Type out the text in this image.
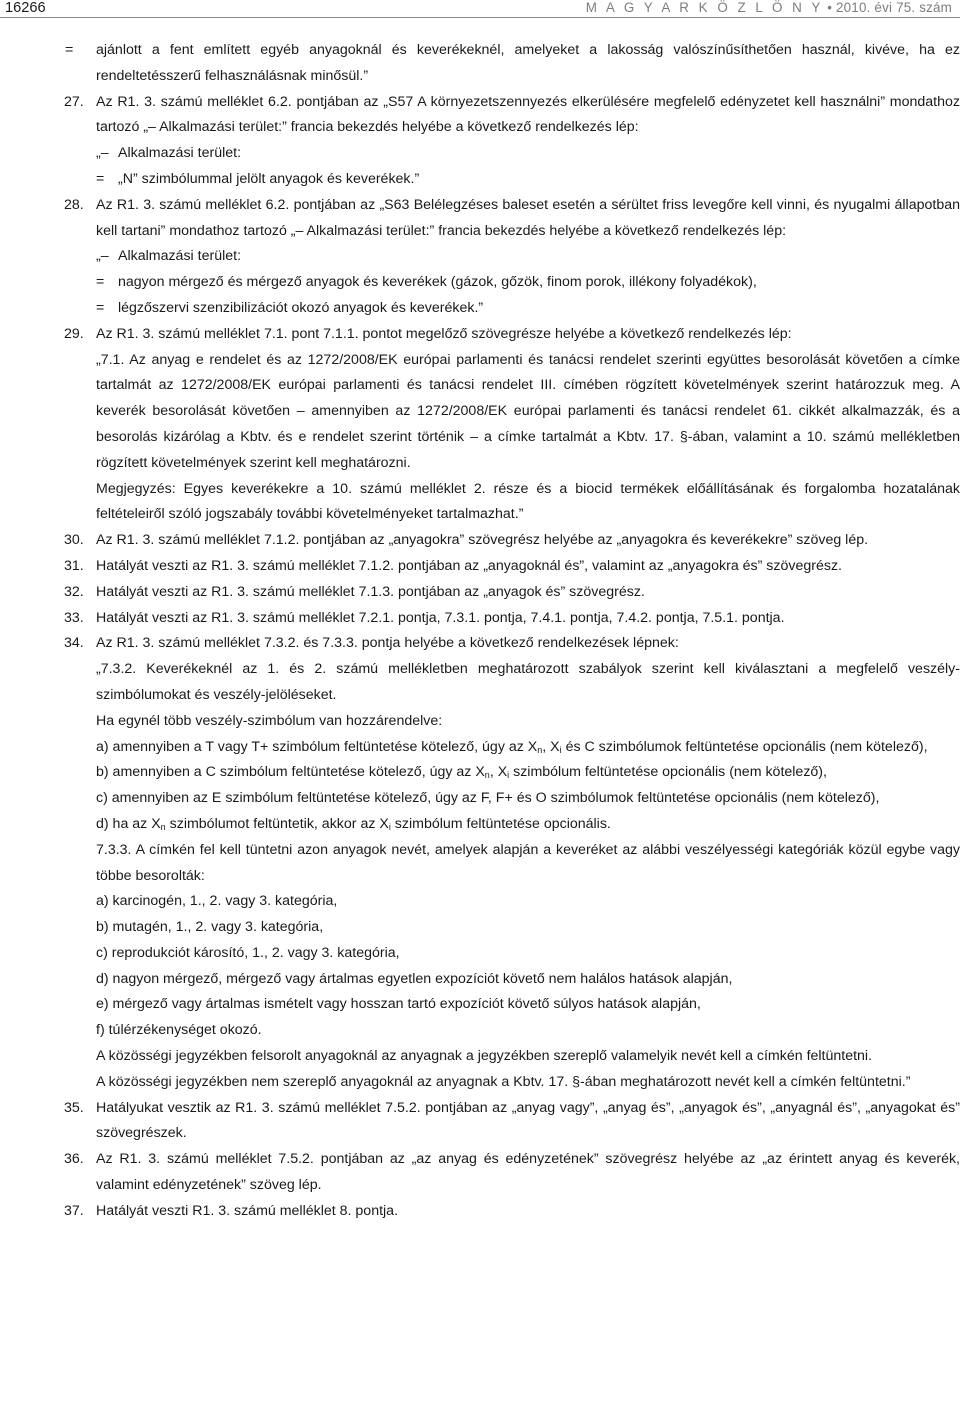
16266	M A G Y A R K Ö Z L Ö N Y • 2010. évi 75. szám
= ajánlott a fent említett egyéb anyagoknál és keverékeknél, amelyeket a lakosság valószínűsíthetően használ, kivéve, ha ez rendeltetésszerű felhasználásnak minősül.”
27. Az R1. 3. számú melléklet 6.2. pontjában az „S57 A környezetszennyezés elkerülésére megfelelő edényzetet kell használni” mondathoz tartozó „– Alkalmazási terület:” francia bekezdés helyébe a következő rendelkezés lép:
„– Alkalmazási terület:
= „N” szimbólummal jelölt anyagok és keverékek.”
28. Az R1. 3. számú melléklet 6.2. pontjában az „S63 Belélegzéses baleset esetén a sérültet friss levegőre kell vinni, és nyugalmi állapotban kell tartani” mondathoz tartozó „– Alkalmazási terület:” francia bekezdés helyébe a következő rendelkezés lép:
„– Alkalmazási terület:
= nagyon mérgező és mérgező anyagok és keverékek (gázok, gőzök, finom porok, illékony folyadékok),
= légzőszervi szenzibilizációt okozó anyagok és keverékek.”
29. Az R1. 3. számú melléklet 7.1. pont 7.1.1. pontot megelőző szövegrésze helyébe a következő rendelkezés lép:
„7.1. Az anyag e rendelet és az 1272/2008/EK európai parlamenti és tanácsi rendelet szerinti együttes besorolását követően a címke tartalmát az 1272/2008/EK európai parlamenti és tanácsi rendelet III. címében rögzített követelmények szerint határozzuk meg. A keverék besorolását követően – amennyiben az 1272/2008/EK európai parlamenti és tanácsi rendelet 61. cikkét alkalmazzák, és a besorolás kizárólag a Kbtv. és e rendelet szerint történik – a címke tartalmát a Kbtv. 17. §-ában, valamint a 10. számú mellékletben rögzített követelmények szerint kell meghatározni.
Megjegyzés: Egyes keverékekre a 10. számú melléklet 2. része és a biocid termékek előállításának és forgalomba hozatalának feltételeiről szóló jogszabály további követelményeket tartalmazhat.”
30. Az R1. 3. számú melléklet 7.1.2. pontjában az „anyagokra” szövegrész helyébe az „anyagokra és keverékekre” szöveg lép.
31. Hatályát veszti az R1. 3. számú melléklet 7.1.2. pontjában az „anyagoknál és”, valamint az „anyagokra és” szövegrész.
32. Hatályát veszti az R1. 3. számú melléklet 7.1.3. pontjában az „anyagok és” szövegrész.
33. Hatályát veszti az R1. 3. számú melléklet 7.2.1. pontja, 7.3.1. pontja, 7.4.1. pontja, 7.4.2. pontja, 7.5.1. pontja.
34. Az R1. 3. számú melléklet 7.3.2. és 7.3.3. pontja helyébe a következő rendelkezések lépnek:
„7.3.2. Keverékeknél az 1. és 2. számú mellékletben meghatározott szabályok szerint kell kiválasztani a megfelelő veszély-szimbólumokat és veszély-jelöléseket.
Ha egynél több veszély-szimbólum van hozzárendelve:
a) amennyiben a T vagy T+ szimbólum feltüntetése kötelező, úgy az $X_n$, $X_i$ és C szimbólumok feltüntetése opcionális (nem kötelező),
b) amennyiben a C szimbólum feltüntetése kötelező, úgy az $X_n$, $X_i$ szimbólum feltüntetése opcionális (nem kötelező),
c) amennyiben az E szimbólum feltüntetése kötelező, úgy az F, F+ és O szimbólumok feltüntetése opcionális (nem kötelező),
d) ha az $X_n$ szimbólumot feltüntetik, akkor az $X_i$ szimbólum feltüntetése opcionális.
7.3.3. A címkén fel kell tüntetni azon anyagok nevét, amelyek alapján a keveréket az alábbi veszélyességi kategóriák közül egybe vagy többe besorolták:
a) karcinogén, 1., 2. vagy 3. kategória,
b) mutagén, 1., 2. vagy 3. kategória,
c) reprodukciót károsító, 1., 2. vagy 3. kategória,
d) nagyon mérgező, mérgező vagy ártalmas egyetlen expozíciót követő nem halálos hatások alapján,
e) mérgező vagy ártalmas ismételt vagy hosszan tartó expozíciót követő súlyos hatások alapján,
f) túlérzékenységet okozó.
A közösségi jegyzékben felsorolt anyagoknál az anyagnak a jegyzékben szereplő valamelyik nevét kell a címkén feltüntetni.
A közösségi jegyzékben nem szereplő anyagoknál az anyagnak a Kbtv. 17. §-ában meghatározott nevét kell a címkén feltüntetni.”
35. Hatályukat vesztik az R1. 3. számú melléklet 7.5.2. pontjában az „anyag vagy”, „anyag és”, „anyagok és”, „anyagnál és”, „anyagokat és” szövegrészek.
36. Az R1. 3. számú melléklet 7.5.2. pontjában az „az anyag és edényzetének” szövegrész helyébe az „az érintett anyag és keverék, valamint edényzetének” szöveg lép.
37. Hatályát veszti R1. 3. számú melléklet 8. pontja.
